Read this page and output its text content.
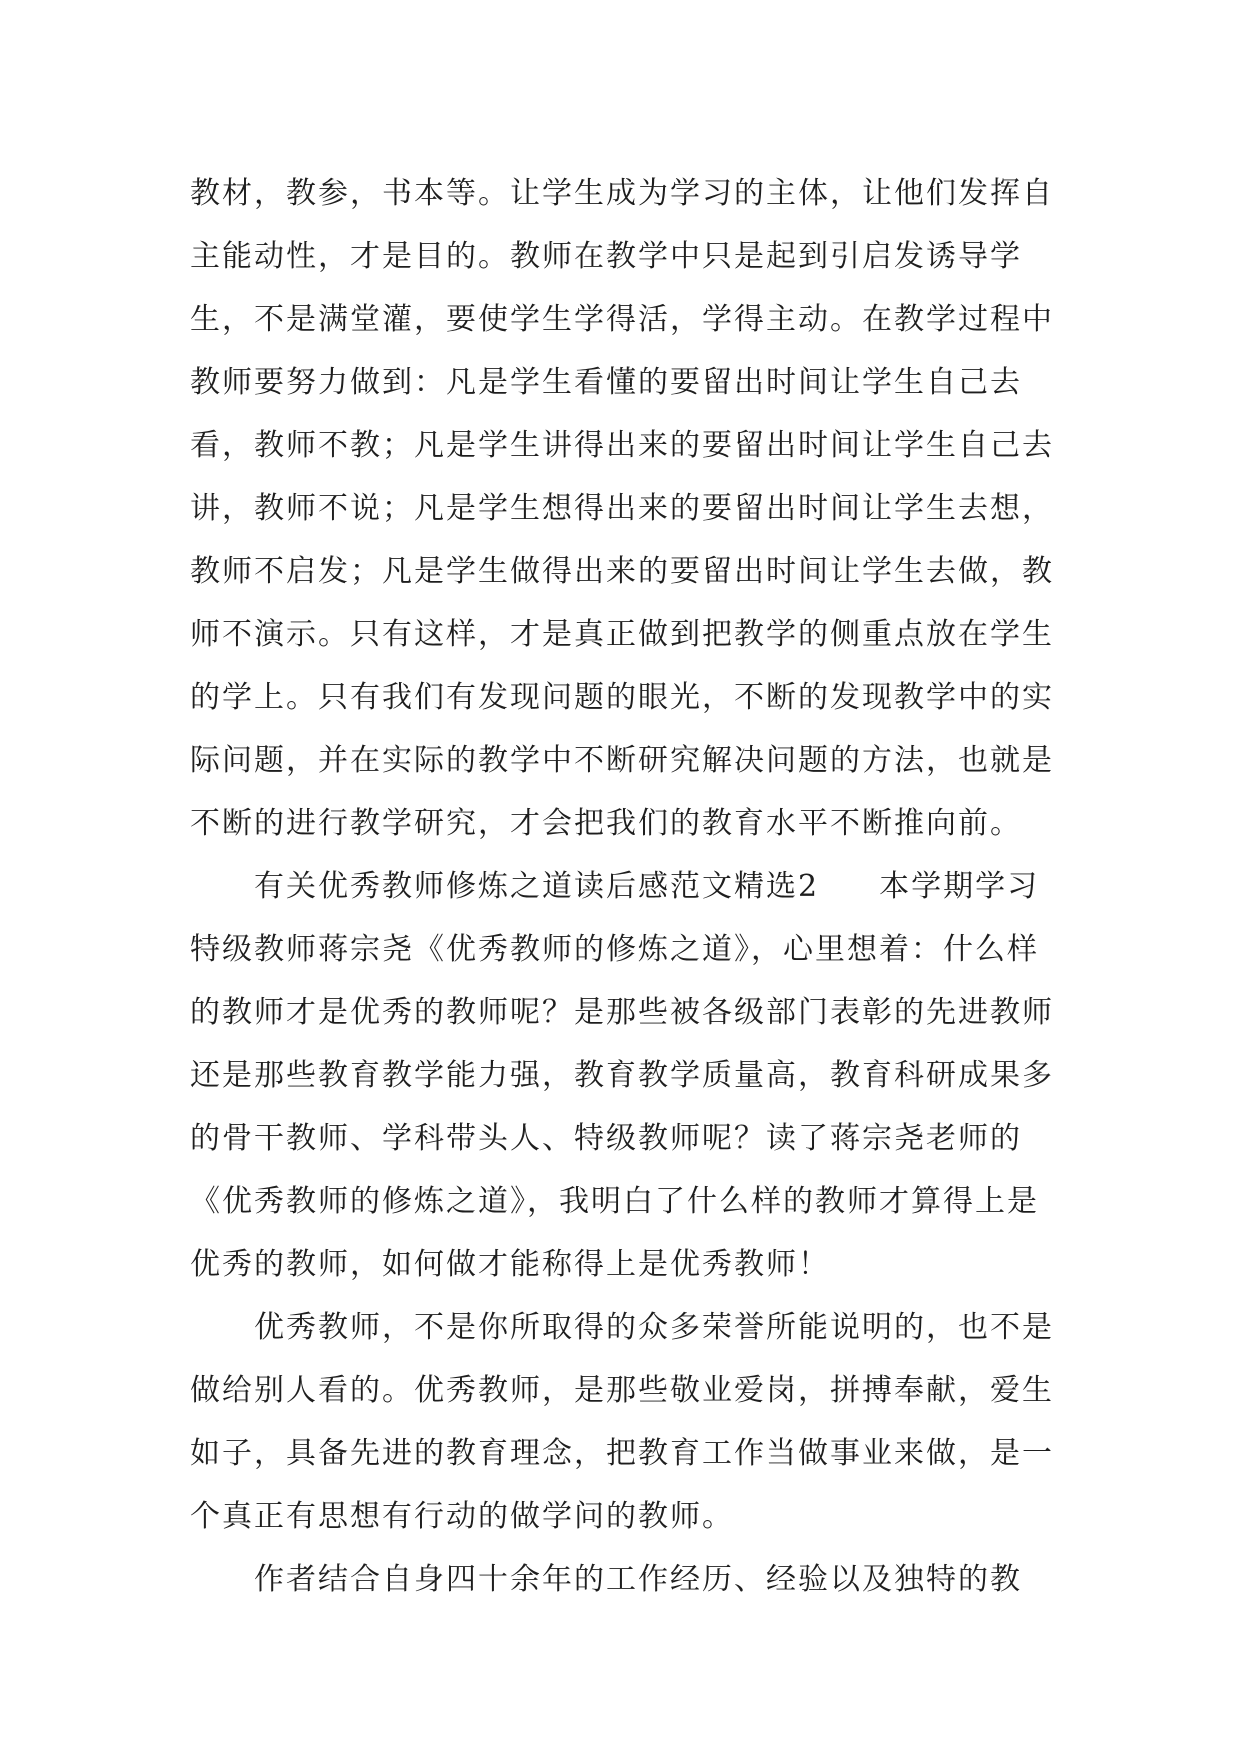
教材，教参，书本等。让学生成为学习的主体，让他们发挥自主能动性，才是目的。教师在教学中只是起到引启发诱导学生，不是满堂灌，要使学生学得活，学得主动。在教学过程中教师要努力做到：凡是学生看懂的要留出时间让学生自己去看，教师不教；凡是学生讲得出来的要留出时间让学生自己去讲，教师不说；凡是学生想得出来的要留出时间让学生去想，教师不启发；凡是学生做得出来的要留出时间让学生去做，教师不演示。只有这样，才是真正做到把教学的侧重点放在学生的学上。只有我们有发现问题的眼光，不断的发现教学中的实际问题，并在实际的教学中不断研究解决问题的方法，也就是不断的进行教学研究，才会把我们的教育水平不断推向前。

有关优秀教师修炼之道读后感范文精选2 本学期学习特级教师蒋宗尧《优秀教师的修炼之道》，心里想着：什么样的教师才是优秀的教师呢？是那些被各级部门表彰的先进教师还是那些教育教学能力强，教育教学质量高，教育科研成果多的骨干教师、学科带头人、特级教师呢？读了蒋宗尧老师的《优秀教师的修炼之道》，我明白了什么样的教师才算得上是优秀的教师，如何做才能称得上是优秀教师！

优秀教师，不是你所取得的众多荣誉所能说明的，也不是做给别人看的。优秀教师，是那些敬业爱岗，拼搏奉献，爱生如子，具备先进的教育理念，把教育工作当做事业来做，是一个真正有思想有行动的做学问的教师。

作者结合自身四十余年的工作经历、经验以及独特的教
